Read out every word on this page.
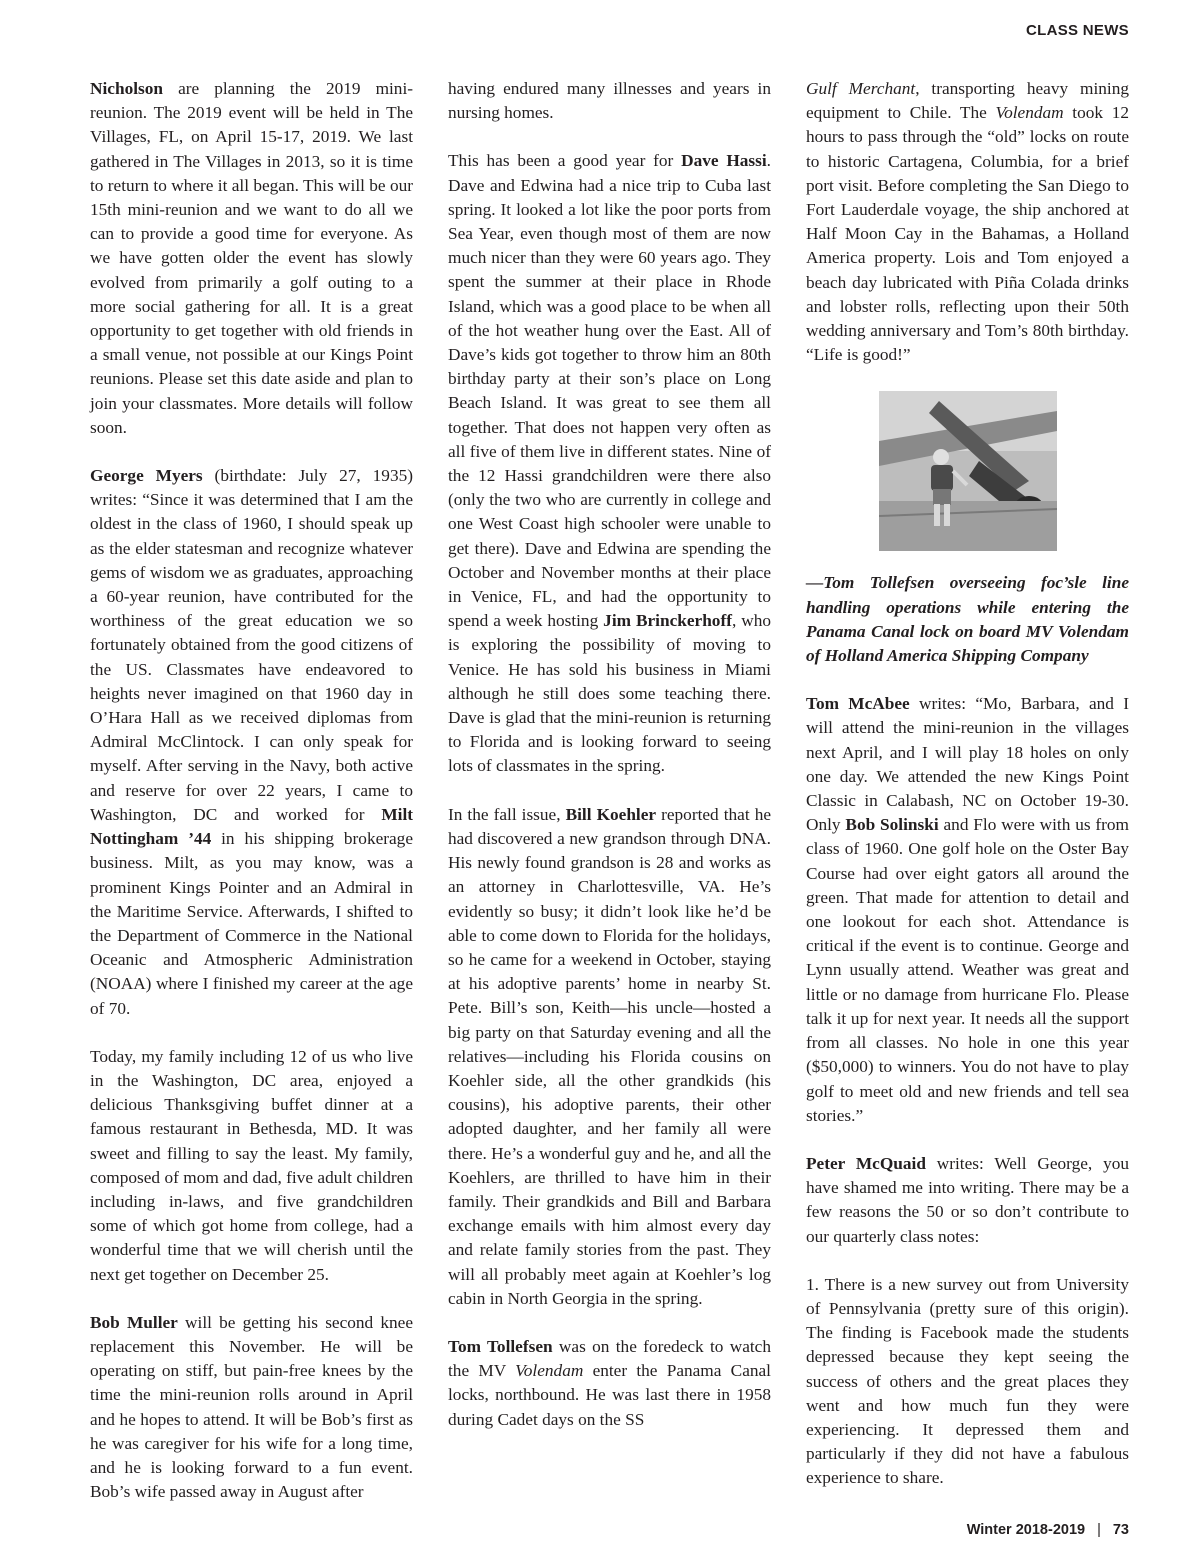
CLASS NEWS

Nicholson are planning the 2019 mini-reunion. The 2019 event will be held in The Villages, FL, on April 15-17, 2019. We last gathered in The Villages in 2013, so it is time to return to where it all began. This will be our 15th mini-reunion and we want to do all we can to provide a good time for everyone. As we have gotten older the event has slowly evolved from primarily a golf outing to a more social gathering for all. It is a great opportunity to get together with old friends in a small venue, not possible at our Kings Point reunions. Please set this date aside and plan to join your classmates. More details will follow soon.

George Myers (birthdate: July 27, 1935) writes: “Since it was determined that I am the oldest in the class of 1960, I should speak up as the elder statesman and recognize whatever gems of wisdom we as graduates, approaching a 60-year reunion, have contributed for the worthiness of the great education we so fortunately obtained from the good citizens of the US. Classmates have endeavored to heights never imagined on that 1960 day in O’Hara Hall as we received diplomas from Admiral McClintock. I can only speak for myself. After serving in the Navy, both active and reserve for over 22 years, I came to Washington, DC and worked for Milt Nottingham ’44 in his shipping brokerage business. Milt, as you may know, was a prominent Kings Pointer and an Admiral in the Maritime Service. Afterwards, I shifted to the Department of Commerce in the National Oceanic and Atmospheric Administration (NOAA) where I finished my career at the age of 70.

Today, my family including 12 of us who live in the Washington, DC area, enjoyed a delicious Thanksgiving buffet dinner at a famous restaurant in Bethesda, MD. It was sweet and filling to say the least. My family, composed of mom and dad, five adult children including in-laws, and five grandchildren some of which got home from college, had a wonderful time that we will cherish until the next get together on December 25.

Bob Muller will be getting his second knee replacement this November. He will be operating on stiff, but pain-free knees by the time the mini-reunion rolls around in April and he hopes to attend. It will be Bob’s first as he was caregiver for his wife for a long time, and he is looking forward to a fun event. Bob’s wife passed away in August after

having endured many illnesses and years in nursing homes.

This has been a good year for Dave Hassi. Dave and Edwina had a nice trip to Cuba last spring. It looked a lot like the poor ports from Sea Year, even though most of them are now much nicer than they were 60 years ago. They spent the summer at their place in Rhode Island, which was a good place to be when all of the hot weather hung over the East. All of Dave’s kids got together to throw him an 80th birthday party at their son’s place on Long Beach Island. It was great to see them all together. That does not happen very often as all five of them live in different states. Nine of the 12 Hassi grandchildren were there also (only the two who are currently in college and one West Coast high schooler were unable to get there). Dave and Edwina are spending the October and November months at their place in Venice, FL, and had the opportunity to spend a week hosting Jim Brinckerhoff, who is exploring the possibility of moving to Venice. He has sold his business in Miami although he still does some teaching there. Dave is glad that the mini-reunion is returning to Florida and is looking forward to seeing lots of classmates in the spring.

In the fall issue, Bill Koehler reported that he had discovered a new grandson through DNA. His newly found grandson is 28 and works as an attorney in Charlottesville, VA. He’s evidently so busy; it didn’t look like he’d be able to come down to Florida for the holidays, so he came for a weekend in October, staying at his adoptive parents’ home in nearby St. Pete. Bill’s son, Keith—his uncle—hosted a big party on that Saturday evening and all the relatives—including his Florida cousins on Koehler side, all the other grandkids (his cousins), his adoptive parents, their other adopted daughter, and her family all were there. He’s a wonderful guy and he, and all the Koehlers, are thrilled to have him in their family. Their grandkids and Bill and Barbara exchange emails with him almost every day and relate family stories from the past. They will all probably meet again at Koehler’s log cabin in North Georgia in the spring.

Tom Tollefsen was on the foredeck to watch the MV Volendam enter the Panama Canal locks, northbound. He was last there in 1958 during Cadet days on the SS

Gulf Merchant, transporting heavy mining equipment to Chile. The Volendam took 12 hours to pass through the “old” locks on route to historic Cartagena, Columbia, for a brief port visit. Before completing the San Diego to Fort Lauderdale voyage, the ship anchored at Half Moon Cay in the Bahamas, a Holland America property. Lois and Tom enjoyed a beach day lubricated with Piña Colada drinks and lobster rolls, reflecting upon their 50th wedding anniversary and Tom’s 80th birthday. “Life is good!”

—Tom Tollefsen overseeing foc’sle line handling operations while entering the Panama Canal lock on board MV Volendam of Holland America Shipping Company

Tom McAbee writes: “Mo, Barbara, and I will attend the mini-reunion in the villages next April, and I will play 18 holes on only one day. We attended the new Kings Point Classic in Calabash, NC on October 19-30. Only Bob Solinski and Flo were with us from class of 1960. One golf hole on the Oster Bay Course had over eight gators all around the green. That made for attention to detail and one lookout for each shot. Attendance is critical if the event is to continue. George and Lynn usually attend. Weather was great and little or no damage from hurricane Flo. Please talk it up for next year. It needs all the support from all classes. No hole in one this year ($50,000) to winners. You do not have to play golf to meet old and new friends and tell sea stories.”

Peter McQuaid writes: Well George, you have shamed me into writing. There may be a few reasons the 50 or so don’t contribute to our quarterly class notes:

1. There is a new survey out from University of Pennsylvania (pretty sure of this origin). The finding is Facebook made the students depressed because they kept seeing the success of others and the great places they went and how much fun they were experiencing. It depressed them and particularly if they did not have a fabulous experience to share.

Winter 2018-2019 | 73
